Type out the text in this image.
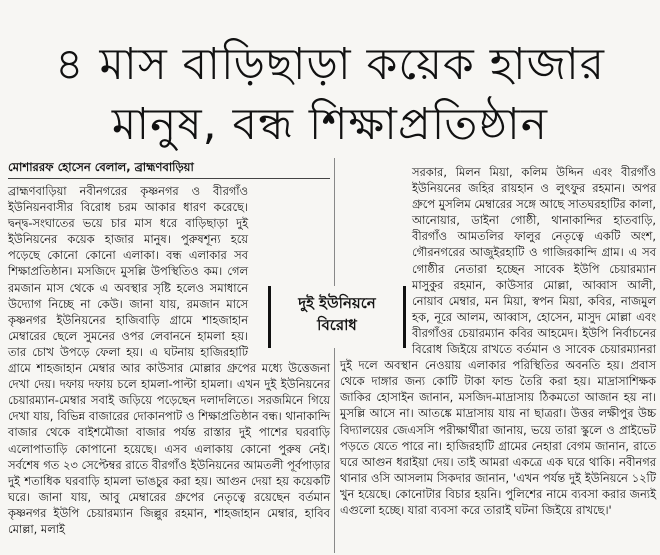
৪ মাস বাড়িছাড়া কয়েক হাজার
মানুষ, বন্ধ শিক্ষাপ্রতিষ্ঠান
মোশাররফ হোসেন বেলাল, ব্রাহ্মণবাড়িয়া

ব্রাহ্মণবাড়িয়া নবীনগরের কৃষ্ণনগর ও বীরগাঁও ইউনিয়নবাসীর বিরোধ চরম আকার ধারণ করেছে। দ্বন্দ্ব-সংঘাতের ভয়ে চার মাস ধরে বাড়িছাড়া দুই ইউনিয়নের কয়েক হাজার মানুষ। পুরুষশূন্য হয়ে পড়েছে কোনো কোনো এলাকা। বন্ধ এলাকার সব শিক্ষাপ্রতিষ্ঠান। মসজিদে মুসল্লি উপস্থিতিও কম। গেল রমজান মাস থেকে এ অবস্থার সৃষ্টি হলেও সমাধানে উদ্যোগ নিচ্ছে না কেউ। জানা যায়, রমজান মাসে কৃষ্ণনগর ইউনিয়নের হাজিবাড়ি গ্রামে শাহজাহান মেম্বারের ছেলে সুমনের ওপর লেবাননে হামলা হয়। তার চোখ উপড়ে ফেলা হয়। এ ঘটনায় হাজিরহাটি গ্রামে শাহজাহান মেম্বার আর কাউসার মোল্লার গ্রুপের মধ্যে উত্তেজনা দেখা দেয়। দফায় দফায় চলে হামলা-পাল্টা হামলা। এখন দুই ইউনিয়নের চেয়ারম্যান-মেম্বার সবাই জড়িয়ে পড়েছেন দলাদলিতে। সরজমিনে গিয়ে দেখা যায়, বিভিন্ন বাজারের দোকানপাট ও শিক্ষাপ্রতিষ্ঠান বন্ধ। থানাকান্দি বাজার থেকে বাইশমৌজা বাজার পর্যন্ত রাস্তার দুই পাশের ঘরবাড়ি এলোপাতাড়ি কোপানো হয়েছে। এসব এলাকায় কোনো পুরুষ নেই। সর্বশেষ গত ২৩ সেপ্টেম্বর রাতে বীরগাঁও ইউনিয়নের আমতলী পূর্বপাড়ার দুই শতাধিক ঘরবাড়ি হামলা ভাঙচুর করা হয়। আগুন দেয়া হয় কয়েকটি ঘরে। জানা যায়, আবু মেম্বারের গ্রুপের নেতৃত্বে রয়েছেন বর্তমান কৃষ্ণনগর ইউপি চেয়ারম্যান জিল্লুর রহমান, শাহজাহান মেম্বার, হাবিব মোল্লা, মলাই

সরকার, মিলন মিয়া, কলিম উদ্দিন এবং বীরগাঁও ইউনিয়নের জহির রায়হান ও লুৎফুর রহমান। অপর গ্রুপে মুসলিম মেম্বারের সঙ্গে আছে সাতঘরহাটির কালা, আনোয়ার, ডাইনা গোষ্ঠী, থানাকান্দির হাতবাড়ি, বীরগাঁও আমতলির ফালুর নেতৃত্বে একটি অংশ, গৌরনগরের আজুইরহাটি ও গাজিরকান্দি গ্রাম। এ সব গোষ্ঠীর নেতারা হচ্ছেন সাবেক ইউপি চেয়ারম্যান মাসুকুর রহমান, কাউসার মোল্লা, আব্বাস আলী, নোয়াব মেম্বার, মন মিয়া, স্বপন মিয়া, কবির, নাজমুল হক, নূরে আলম, আব্বাস, হোসেন, মাসুদ মোল্লা এবং বীরগাঁওর চেয়ারম্যান কবির আহমেদ। ইউপি নির্বাচনের বিরোধ জিইয়ে রাখতে বর্তমান ও সাবেক চেয়ারম্যানরা দুই দলে অবস্থান নেওয়ায় এলাকার পরিস্থিতির অবনতি হয়। প্রবাস থেকে দাঙ্গার জন্য কোটি টাকা ফান্ড তৈরি করা হয়। মাদ্রাসাশিক্ষক জাকির হোসাইন জানান, মসজিদ-মাদ্রাসায় ঠিকমতো আজান হয় না। মুসল্লি আসে না। আতঙ্কে মাদ্রাসায় যায় না ছাত্ররা। উত্তর লক্ষীপুর উচ্চ বিদ্যালয়ের জেএসসি পরীক্ষার্থীরা জানায়, ভয়ে তারা স্কুলে ও প্রাইভেট পড়তে যেতে পারে না। হাজিরহাটি গ্রামের নেহারা বেগম জানান, রাতে ঘরে আগুন ধরাইয়া দেয়। তাই আমরা একত্রে এক ঘরে থাকি। নবীনগর থানার ওসি আসলাম সিকদার জানান, 'এখন পর্যন্ত দুই ইউনিয়নে ১২টি খুন হয়েছে। কোনোটার বিচার হয়নি। পুলিশের নামে ব্যবসা করার জন্যই এগুলো হচ্ছে। যারা ব্যবসা করে তারাই ঘটনা জিইয়ে রাখছে।'

দুই ইউনিয়নে
বিরোধ
